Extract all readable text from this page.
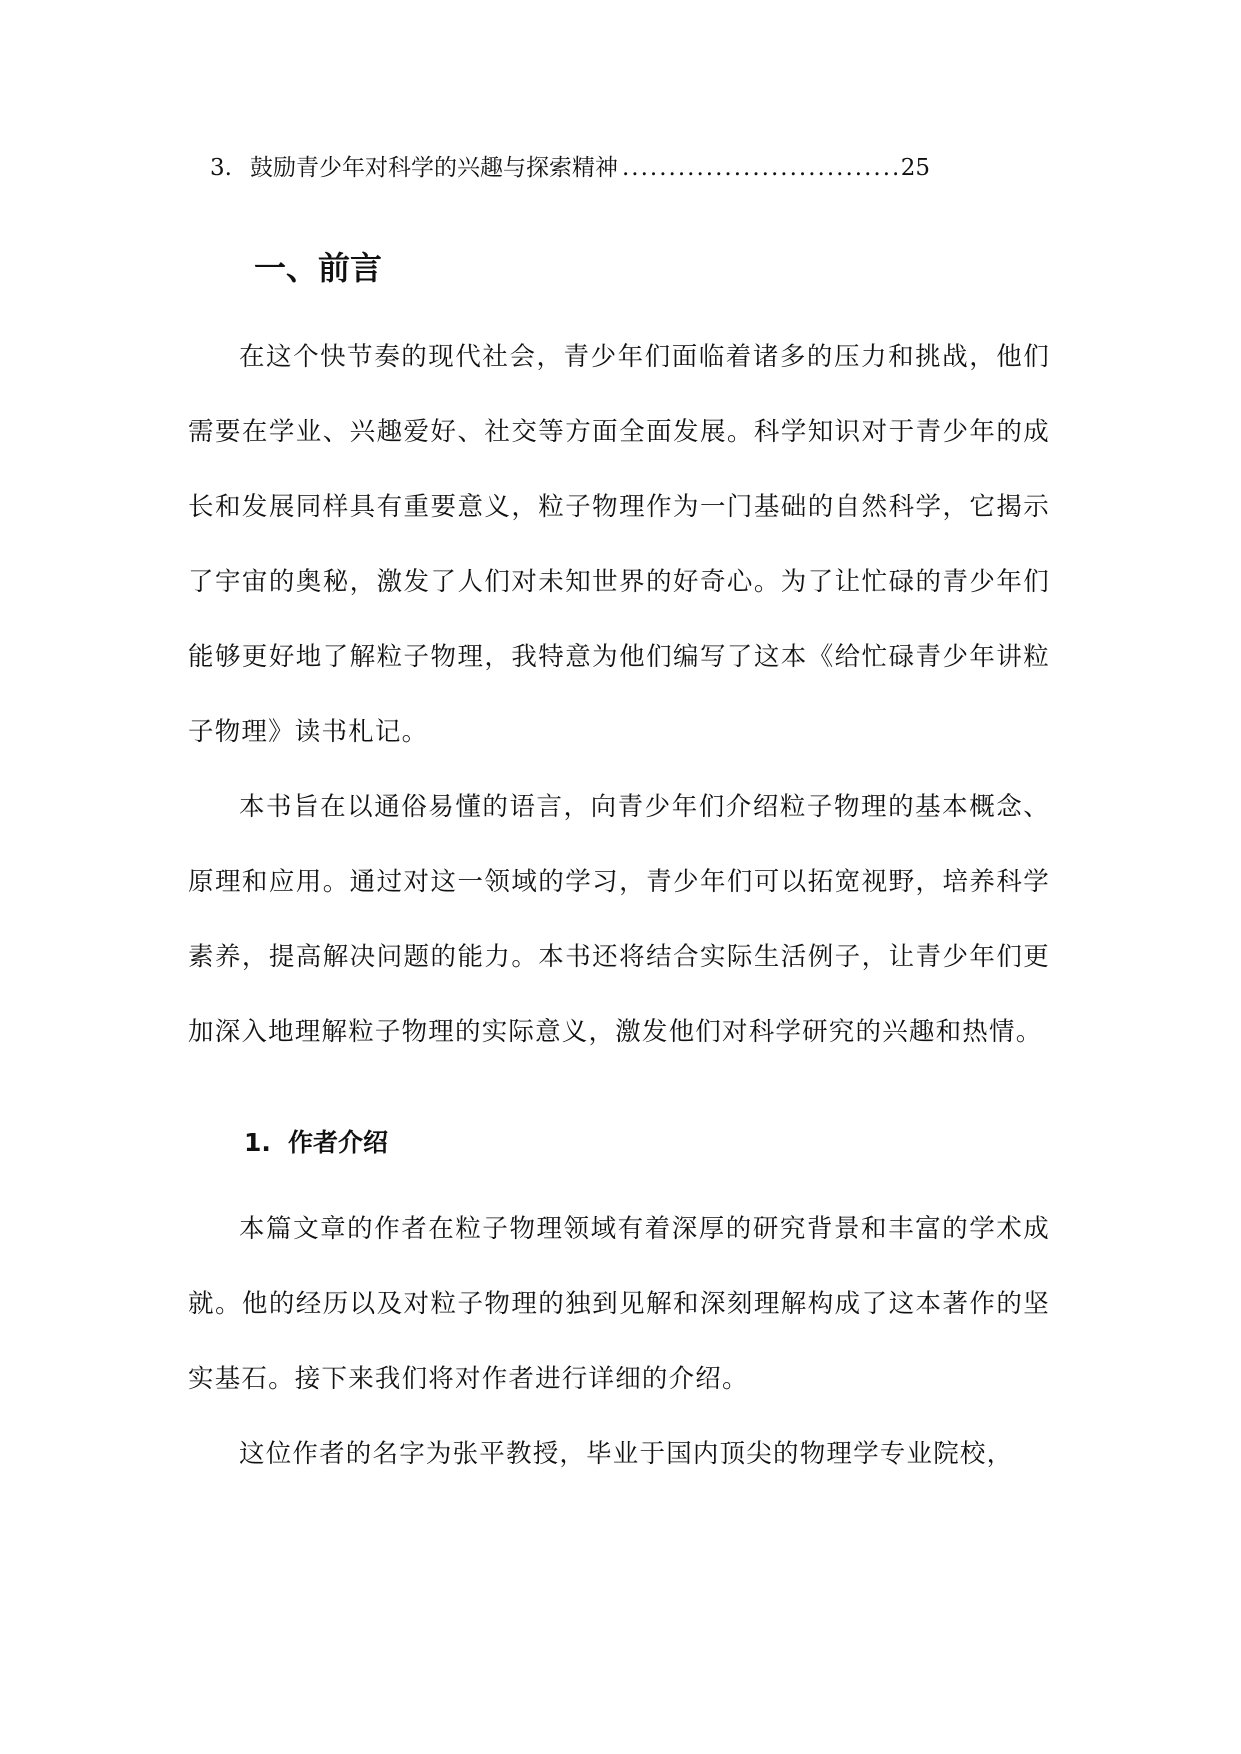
3. 鼓励青少年对科学的兴趣与探索精神
.....	25
一、前言

在这个快节奏的现代社会，青少年们面临着诸多的压力和挑战，他们需要在学业、兴趣爱好、社交等方面全面发展。科学知识对于青少年的成长和发展同样具有重要意义，粒子物理作为一门基础的自然科学，它揭示了宇宙的奥秘，激发了人们对未知世界的好奇心。为了让忙碌的青少年们能够更好地了解粒子物理，我特意为他们编写了这本《给忙碌青少年讲粒子物理》读书札记。

本书旨在以通俗易懂的语言，向青少年们介绍粒子物理的基本概念、原理和应用。通过对这一领域的学习，青少年们可以拓宽视野，培养科学素养，提高解决问题的能力。本书还将结合实际生活例子，让青少年们更加深入地理解粒子物理的实际意义，激发他们对科学研究的兴趣和热情。

1. 作者介绍

本篇文章的作者在粒子物理领域有着深厚的研究背景和丰富的学术成就。他的经历以及对粒子物理的独到见解和深刻理解构成了这本著作的坚实基石。接下来我们将对作者进行详细的介绍。

这位作者的名字为张平教授，毕业于国内顶尖的物理学专业院校，
